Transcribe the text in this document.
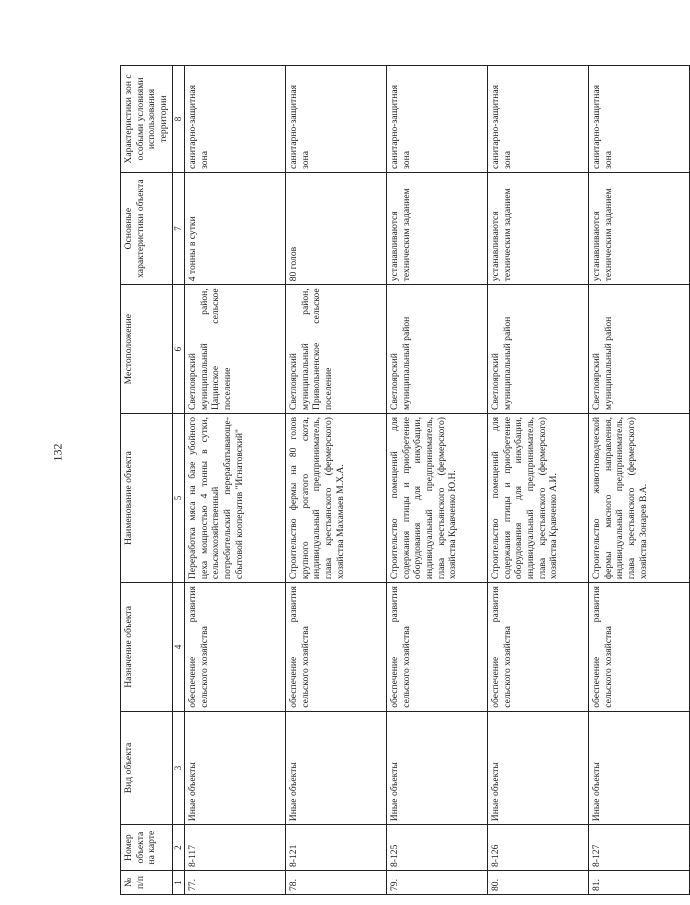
132
№ п/п	Номер объекта на карте	Вид объекта	Назначение объекта	Наименование объекта	Местоположение	Основные характеристики объекта	Характеристики зон с особыми условиями использования территории
1	2	3	4	5	6	7	8
77.	8-117	Иные объекты	обеспечение развития сельского хозяйства	Переработка мяса на базе убойного цеха мощностью 4 тонны в сутки, сельскохозяйственный потребительский перерабатывающе-сбытовой кооператив "Игнатовский"	Светлоярский муниципальный район, Цацинское сельское поселение	4 тонны в сутки	санитарно-защитная зона
78.	8-121	Иные объекты	обеспечение развития сельского хозяйства	Строительство фермы на 80 голов крупного рогатого скота, индивидуальный предприниматель, глава крестьянского (фермерского) хозяйства Махамаев М.Х.А.	Светлоярский муниципальный район, Привольненское сельское поселение	80 голов	санитарно-защитная зона
79.	8-125	Иные объекты	обеспечение развития сельского хозяйства	Строительство помещений для содержания птицы и приобретение оборудования для инкубации, индивидуальный предприниматель, глава крестьянского (фермерского) хозяйства Кравченко Ю.Н.	Светлоярский муниципальный район	устанавливаются техническим заданием	санитарно-защитная зона
80.	8-126	Иные объекты	обеспечение развития сельского хозяйства	Строительство помещений для содержания птицы и приобретение оборудования для инкубации, индивидуальный предприниматель, глава крестьянского (фермерского) хозяйства Кравченко А.И.	Светлоярский муниципальный район	устанавливаются техническим заданием	санитарно-защитная зона
81.	8-127	Иные объекты	обеспечение развития сельского хозяйства	Строительство животноводческой фермы мясного направления, индивидуальный предприниматель, глава крестьянского (фермерского) хозяйства Зонарев В.А.	Светлоярский муниципальный район	устанавливаются техническим заданием	санитарно-защитная зона
